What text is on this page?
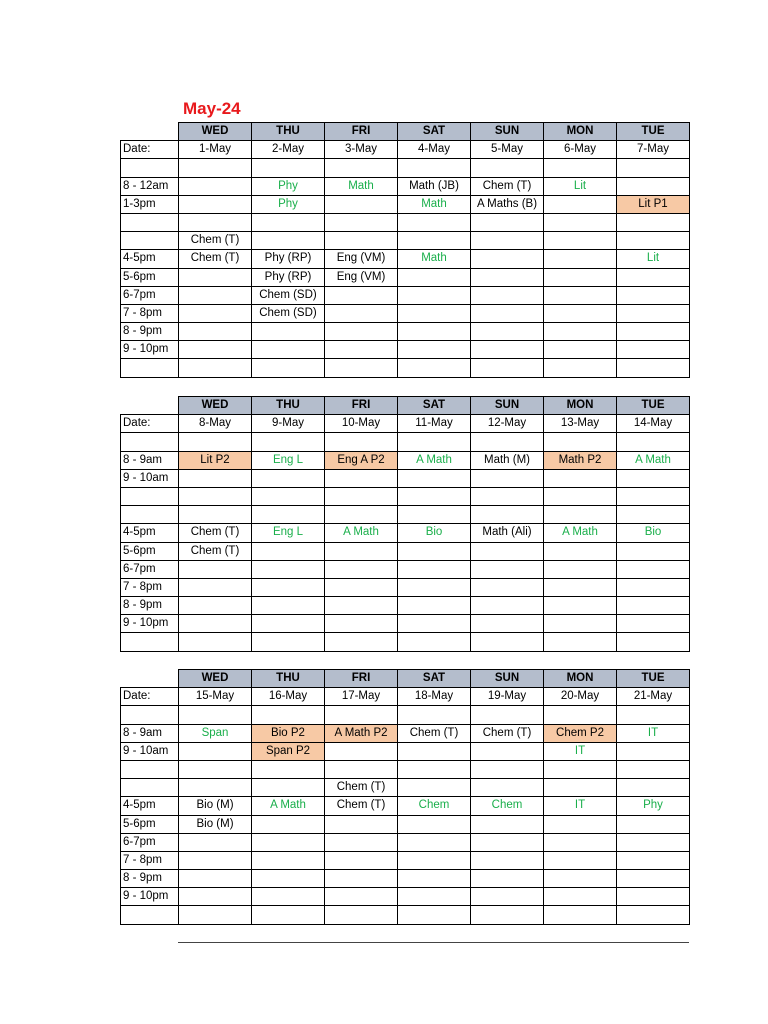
May-24
	WED	THU	FRI	SAT	SUN	MON	TUE
Date:	1-May	2-May	3-May	4-May	5-May	6-May	7-May

8 - 12am		Phy	Math	Math (JB)	Chem (T)	Lit	
1-3pm		Phy		Math	A Maths (B)		Lit P1

	Chem (T)						
4-5pm	Chem (T)	Phy (RP)	Eng (VM)	Math			Lit
5-6pm		Phy (RP)	Eng (VM)				
6-7pm		Chem (SD)					
7 - 8pm		Chem (SD)					
8 - 9pm							
9 - 10pm							

	WED	THU	FRI	SAT	SUN	MON	TUE
Date:	8-May	9-May	10-May	11-May	12-May	13-May	14-May

8 - 9am	Lit P2	Eng L	Eng A P2	A Math	Math (M)	Math P2	A Math
9 - 10am							

4-5pm	Chem (T)	Eng L	A Math	Bio	Math (Ali)	A Math	Bio
5-6pm	Chem (T)						
6-7pm							
7 - 8pm							
8 - 9pm							
9 - 10pm							

	WED	THU	FRI	SAT	SUN	MON	TUE
Date:	15-May	16-May	17-May	18-May	19-May	20-May	21-May

8 - 9am	Span	Bio P2	A Math P2	Chem (T)	Chem (T)	Chem P2	IT
9 - 10am		Span P2				IT	

			Chem (T)				
4-5pm	Bio (M)	A Math	Chem (T)	Chem	Chem	IT	Phy
5-6pm	Bio (M)						
6-7pm							
7 - 8pm							
8 - 9pm							
9 - 10pm							
